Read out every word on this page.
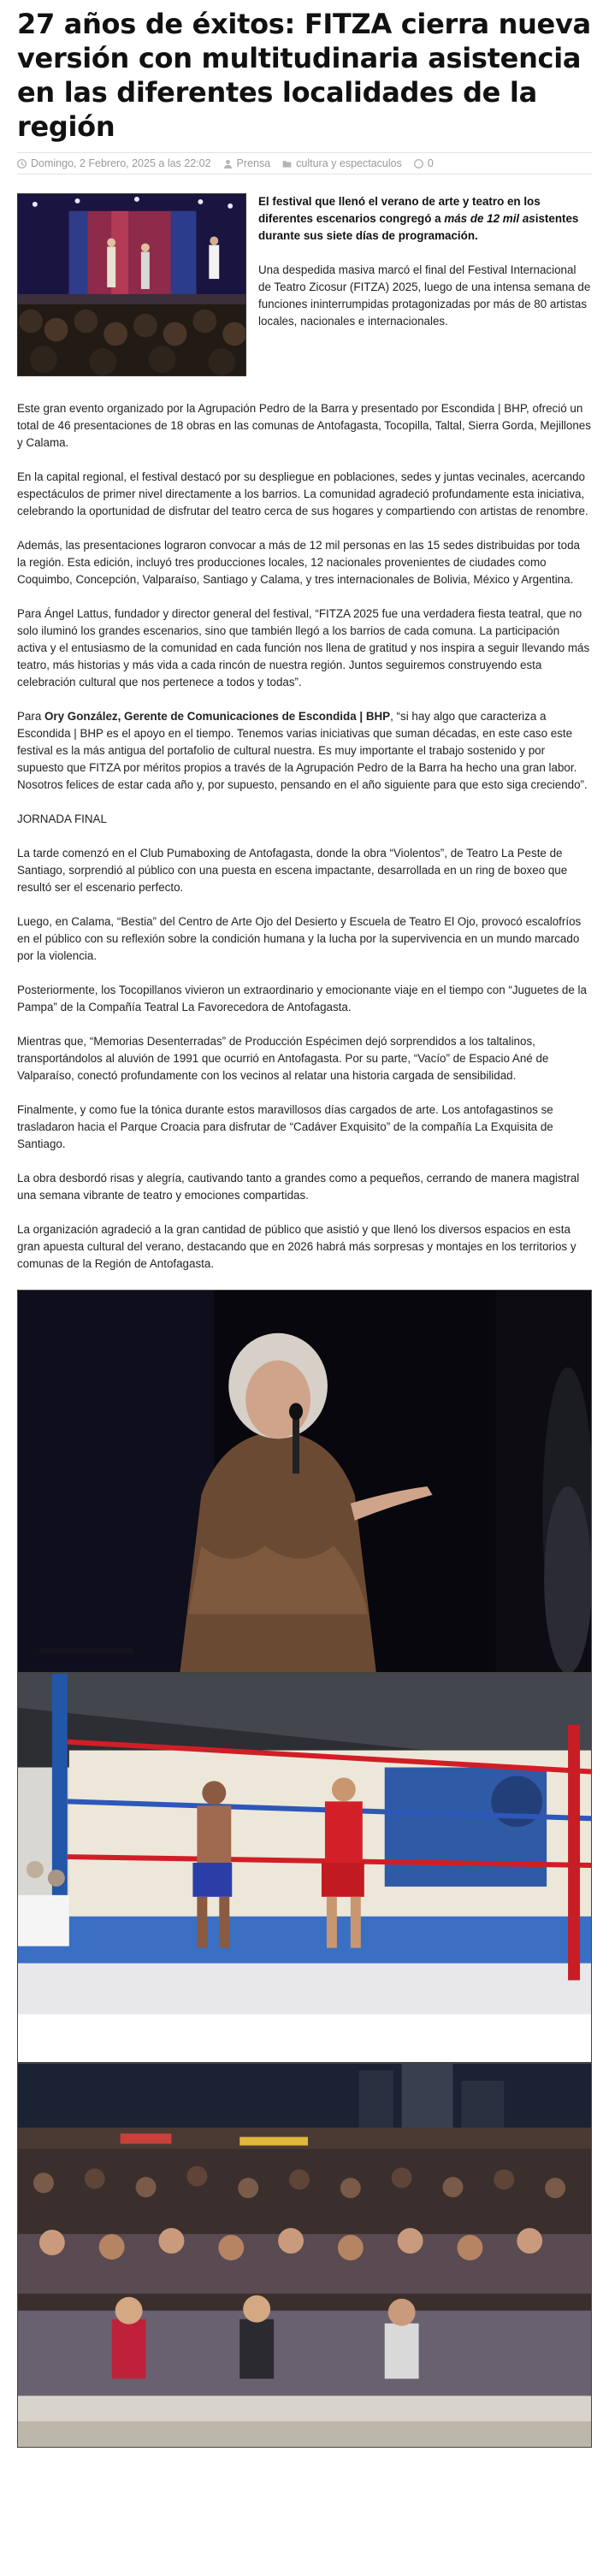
27 años de éxitos: FITZA cierra nueva versión con multitudinaria asistencia en las diferentes localidades de la región
Domingo, 2 Febrero, 2025 a las 22:02 Prensa cultura y espectaculos 0

El festival que llenó el verano de arte y teatro en los diferentes escenarios congregó a más de 12 mil asistentes durante sus siete días de programación.

Una despedida masiva marcó el final del Festival Internacional de Teatro Zicosur (FITZA) 2025, luego de una intensa semana de funciones ininterrumpidas protagonizadas por más de 80 artistas locales, nacionales e internacionales.

Este gran evento organizado por la Agrupación Pedro de la Barra y presentado por Escondida | BHP, ofreció un total de 46 presentaciones de 18 obras en las comunas de Antofagasta, Tocopilla, Taltal, Sierra Gorda, Mejillones y Calama.

En la capital regional, el festival destacó por su despliegue en poblaciones, sedes y juntas vecinales, acercando espectáculos de primer nivel directamente a los barrios. La comunidad agradeció profundamente esta iniciativa, celebrando la oportunidad de disfrutar del teatro cerca de sus hogares y compartiendo con artistas de renombre.

Además, las presentaciones lograron convocar a más de 12 mil personas en las 15 sedes distribuidas por toda la región. Esta edición, incluyó tres producciones locales, 12 nacionales provenientes de ciudades como Coquimbo, Concepción, Valparaíso, Santiago y Calama, y tres internacionales de Bolivia, México y Argentina.

Para Ángel Lattus, fundador y director general del festival, “FITZA 2025 fue una verdadera fiesta teatral, que no solo iluminó los grandes escenarios, sino que también llegó a los barrios de cada comuna. La participación activa y el entusiasmo de la comunidad en cada función nos llena de gratitud y nos inspira a seguir llevando más teatro, más historias y más vida a cada rincón de nuestra región. Juntos seguiremos construyendo esta celebración cultural que nos pertenece a todos y todas”.

Para Ory González, Gerente de Comunicaciones de Escondida | BHP, “si hay algo que caracteriza a Escondida | BHP es el apoyo en el tiempo. Tenemos varias iniciativas que suman décadas, en este caso este festival es la más antigua del portafolio de cultural nuestra. Es muy importante el trabajo sostenido y por supuesto que FITZA por méritos propios a través de la Agrupación Pedro de la Barra ha hecho una gran labor. Nosotros felices de estar cada año y, por supuesto, pensando en el año siguiente para que esto siga creciendo”.

JORNADA FINAL

La tarde comenzó en el Club Pumaboxing de Antofagasta, donde la obra “Violentos”, de Teatro La Peste de Santiago, sorprendió al público con una puesta en escena impactante, desarrollada en un ring de boxeo que resultó ser el escenario perfecto.

Luego, en Calama, “Bestia” del Centro de Arte Ojo del Desierto y Escuela de Teatro El Ojo, provocó escalofríos en el público con su reflexión sobre la condición humana y la lucha por la supervivencia en un mundo marcado por la violencia.

Posteriormente, los Tocopillanos vivieron un extraordinario y emocionante viaje en el tiempo con “Juguetes de la Pampa” de la Compañía Teatral La Favorecedora de Antofagasta.

Mientras que, “Memorias Desenterradas” de Producción Espécimen dejó sorprendidos a los taltalinos, transportándolos al aluvión de 1991 que ocurrió en Antofagasta. Por su parte, “Vacío” de Espacio Ané de Valparaíso, conectó profundamente con los vecinos al relatar una historia cargada de sensibilidad.

Finalmente, y como fue la tónica durante estos maravillosos días cargados de arte. Los antofagastinos se trasladaron hacia el Parque Croacia para disfrutar de “Cadáver Exquisito” de la compañía La Exquisita de Santiago.

La obra desbordó risas y alegría, cautivando tanto a grandes como a pequeños, cerrando de manera magistral una semana vibrante de teatro y emociones compartidas.

La organización agradeció a la gran cantidad de público que asistió y que llenó los diversos espacios en esta gran apuesta cultural del verano, destacando que en 2026 habrá más sorpresas y montajes en los territorios y comunas de la Región de Antofagasta.
